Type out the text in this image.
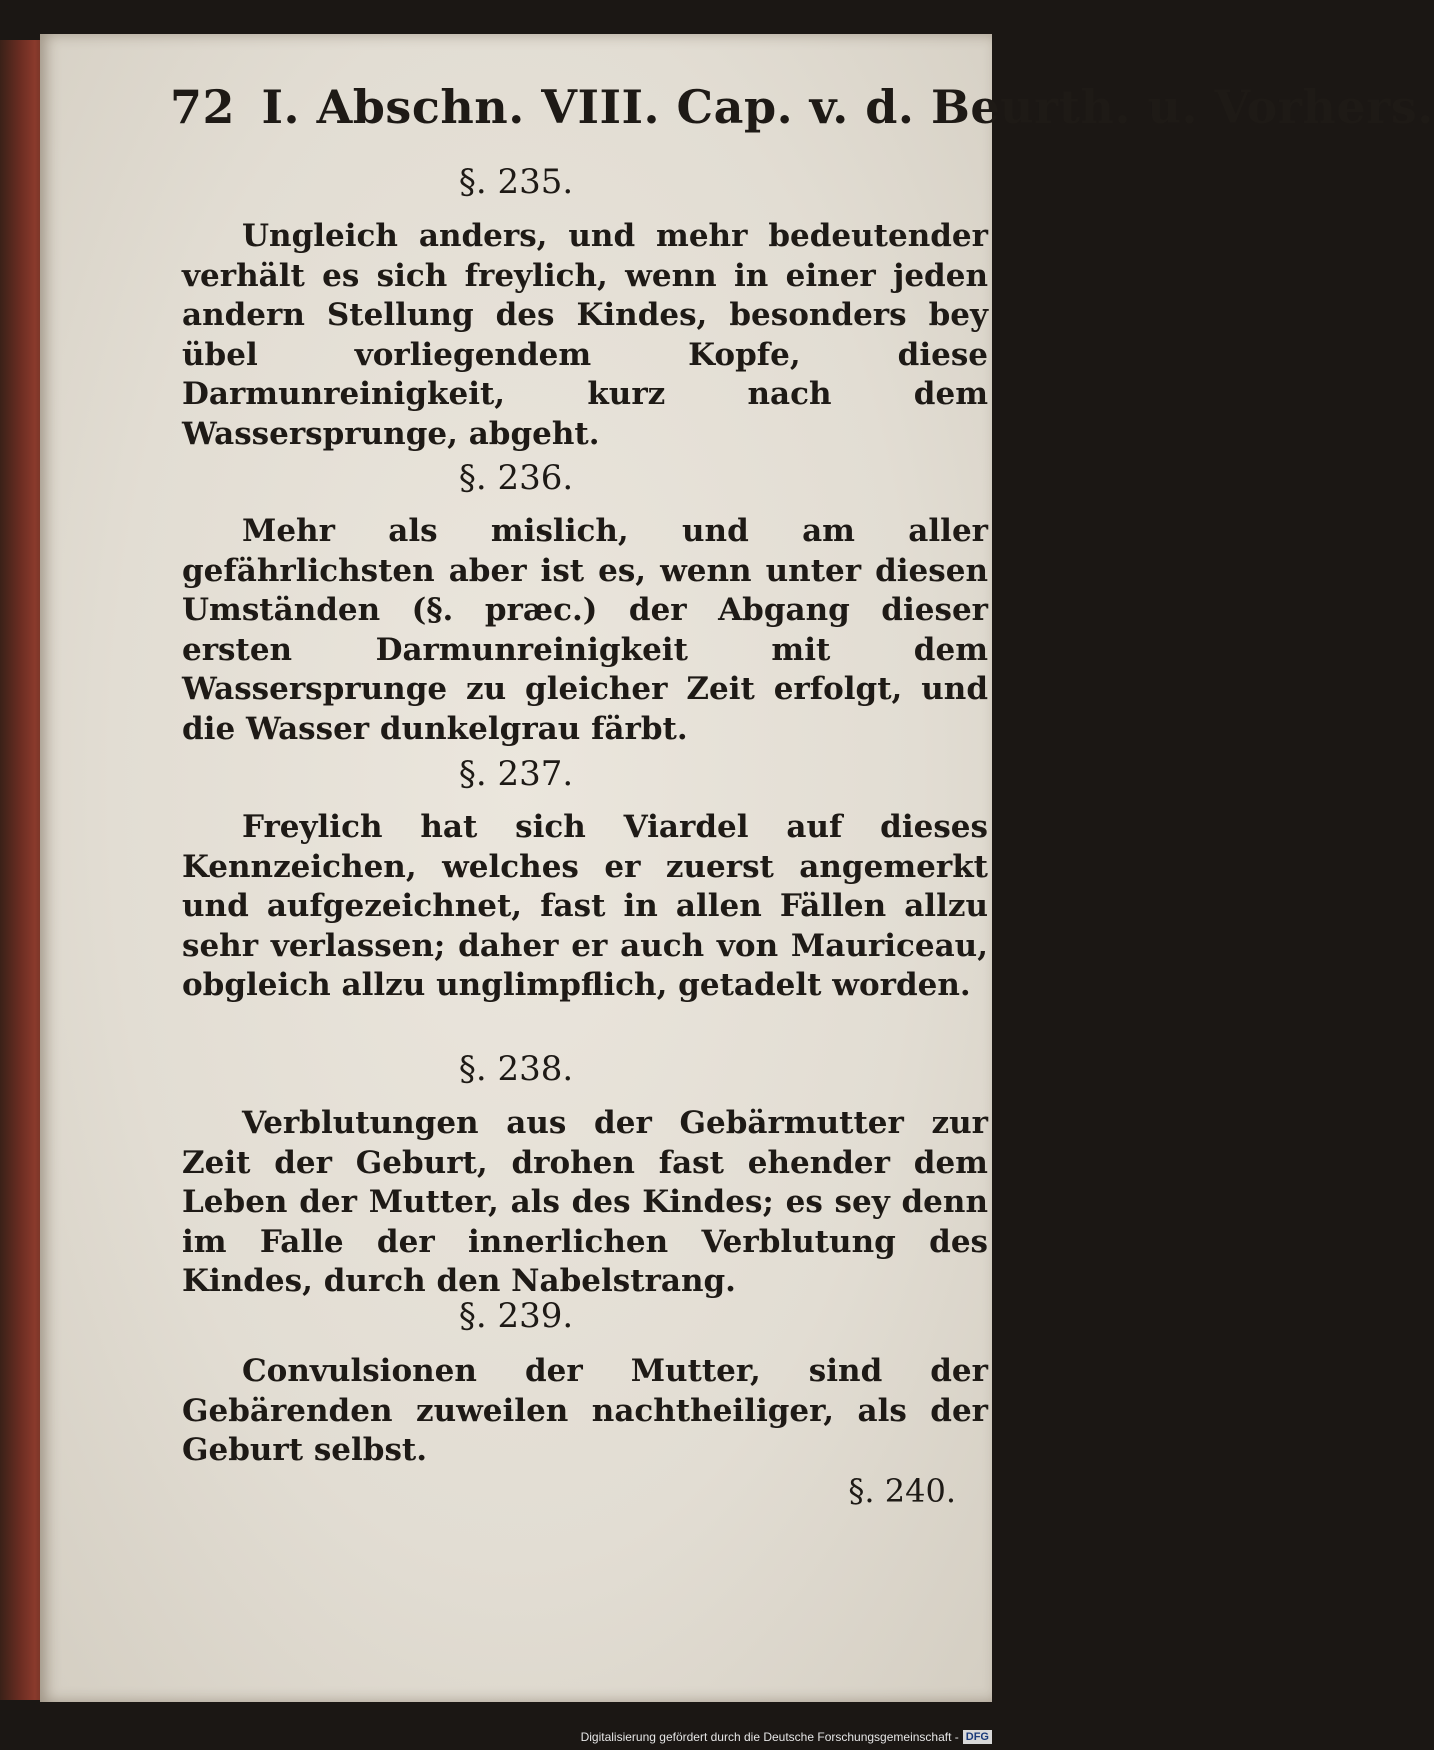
72 I. Abschn. VIII. Cap. v. d. Beurth. u. Vorhers.
§. 235.
Ungleich anders, und mehr bedeutender verhält es sich freylich, wenn in einer jeden andern Stellung des Kindes, besonders bey übel vorliegendem Kopfe, diese Darmunreinigkeit, kurz nach dem Wassersprunge, abgeht.
§. 236.
Mehr als mislich, und am aller gefährlichsten aber ist es, wenn unter diesen Umständen (§. præc.) der Abgang dieser ersten Darmunreinigkeit mit dem Wassersprunge zu gleicher Zeit erfolgt, und die Wasser dunkelgrau färbt.
§. 237.
Freylich hat sich Viardel auf dieses Kennzeichen, welches er zuerst angemerkt und aufgezeichnet, fast in allen Fällen allzu sehr verlassen; daher er auch von Mauriceau, obgleich allzu unglimpflich, getadelt worden.
§. 238.
Verblutungen aus der Gebärmutter zur Zeit der Geburt, drohen fast ehender dem Leben der Mutter, als des Kindes; es sey denn im Falle der innerlichen Verblutung des Kindes, durch den Nabelstrang.
§. 239.
Convulsionen der Mutter, sind der Gebärenden zuweilen nachtheiliger, als der Geburt selbst.
§. 240.
Digitalisierung gefördert durch die Deutsche Forschungsgemeinschaft - DFG
